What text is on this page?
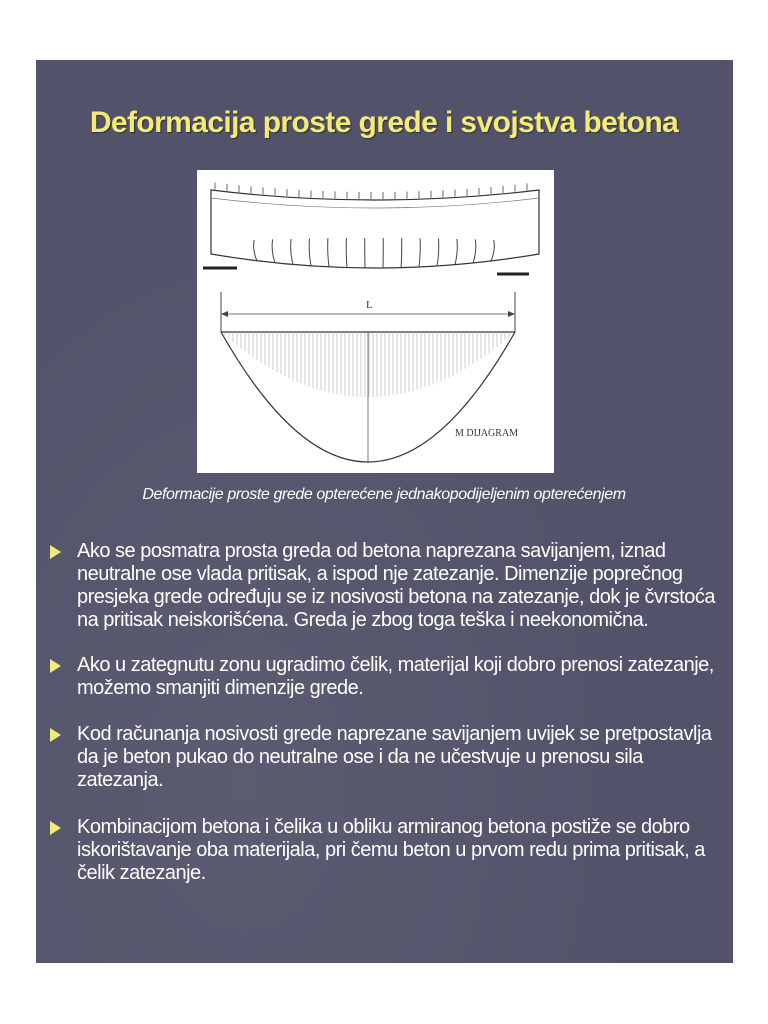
Deformacija proste grede i svojstva betona
L
M DIJAGRAM
Deformacije proste grede opterećene jednakopodijeljenim opterećenjem
Ako se posmatra prosta greda od betona naprezana savijanjem, iznad neutralne ose vlada pritisak, a ispod nje zatezanje. Dimenzije poprečnog presjeka grede određuju se iz nosivosti betona na zatezanje, dok je čvrstoća na pritisak neiskorišćena. Greda je zbog toga teška i neekonomična.
Ako u zategnutu zonu ugradimo čelik, materijal koji dobro prenosi zatezanje, možemo smanjiti dimenzije grede.
Kod računanja nosivosti grede naprezane savijanjem uvijek se pretpostavlja da je beton pukao do neutralne ose i da ne učestvuje u prenosu sila zatezanja.
Kombinacijom betona i čelika u obliku armiranog betona postiže se dobro iskorištavanje oba materijala, pri čemu beton u prvom redu prima pritisak, a čelik zatezanje.
